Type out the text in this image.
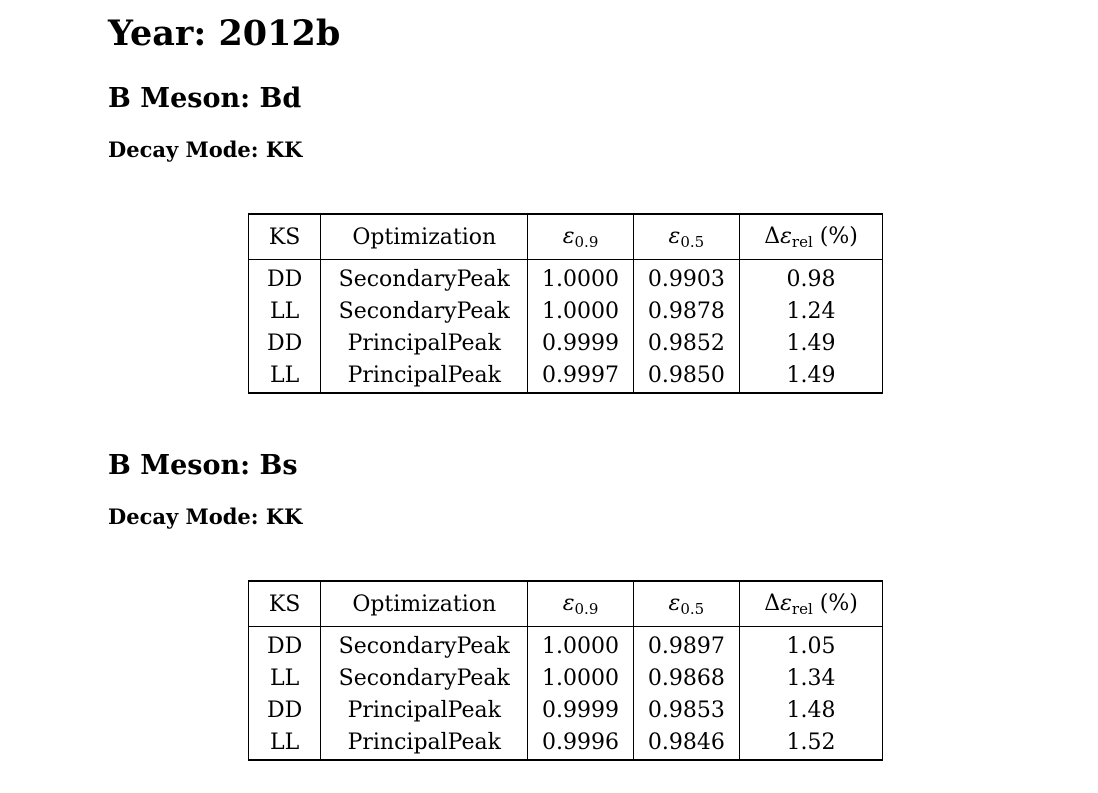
Year: 2012b
B Meson: Bd
Decay Mode: KK
KS	Optimization	$\varepsilon_{0.9}$	$\varepsilon_{0.5}$	$\Delta\varepsilon_{rel}$ (%)

DD	SecondaryPeak	1.0000	0.9903	0.98
LL	SecondaryPeak	1.0000	0.9878	1.24
DD	PrincipalPeak	0.9999	0.9852	1.49
LL	PrincipalPeak	0.9997	0.9850	1.49
B Meson: Bs
Decay Mode: KK
KS	Optimization	$\varepsilon_{0.9}$	$\varepsilon_{0.5}$	$\Delta\varepsilon_{rel}$ (%)

DD	SecondaryPeak	1.0000	0.9897	1.05
LL	SecondaryPeak	1.0000	0.9868	1.34
DD	PrincipalPeak	0.9999	0.9853	1.48
LL	PrincipalPeak	0.9996	0.9846	1.52
